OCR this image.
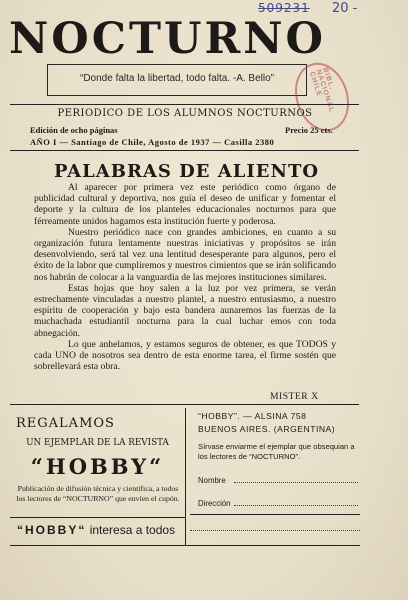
509231 20 -
NOCTURNO
“Donde falta la libertad, todo falta. -A. Bello”	BIBL. NACIONAL CHILE
PERIODICO DE LOS ALUMNOS NOCTURNOS
Edición de ocho páginas	Precio 25 cts.
AÑO I — Santiago de Chile, Agosto de 1937 — Casilla 2380
PALABRAS DE ALIENTO

Al aparecer por primera vez este periódico como órgano de publicidad cultural y deportiva, nos guía el deseo de unificar y fomentar el deporte y la cultura de los planteles educacionales nocturnos para que férreamente unidos hagamos esta institución fuerte y poderosa.

Nuestro periódico nace con grandes ambiciones, en cuanto a su organización futura lentamente nuestras iniciativas y propósitos se irán desenvolviendo, será tal vez una lentitud desesperante para algunos, pero el éxito de la labor que cumpliremos y nuestros cimientos que se irán solificando nos habrán de colocar a la vanguardia de las mejores instituciones similares.

Estas hojas que hoy salen a la luz por vez primera, se verán estrechamente vinculadas a nuestro plantel, a nuestro entusiasmo, a nuestro espíritu de cooperación y bajo esta bandera aunaremos las fuerzas de la muchachada estudiantil nocturna para la cual luchar emos con toda abnegación.

Lo que anhelamos, y estamos seguros de obtener, es que TODOS y cada UNO de nosotros sea dentro de esta enorme tarea, el firme sostén que sobrellevará esta obra.

MISTER X
REGALAMOS
UN EJEMPLAR DE LA REVISTA
“HOBBY“
Publicación de difusión técnica y científica, a todos los lectores de “NOCTURNO” que envíen el cupón.
“HOBBY“ interesa a todos
“HOBBY”. — ALSINA 758
BUENOS AIRES. (ARGENTINA)
Sírvase enviarme el ejemplar que obsequian a los lectores de “NOCTURNO”.
Nombre
Dirección
